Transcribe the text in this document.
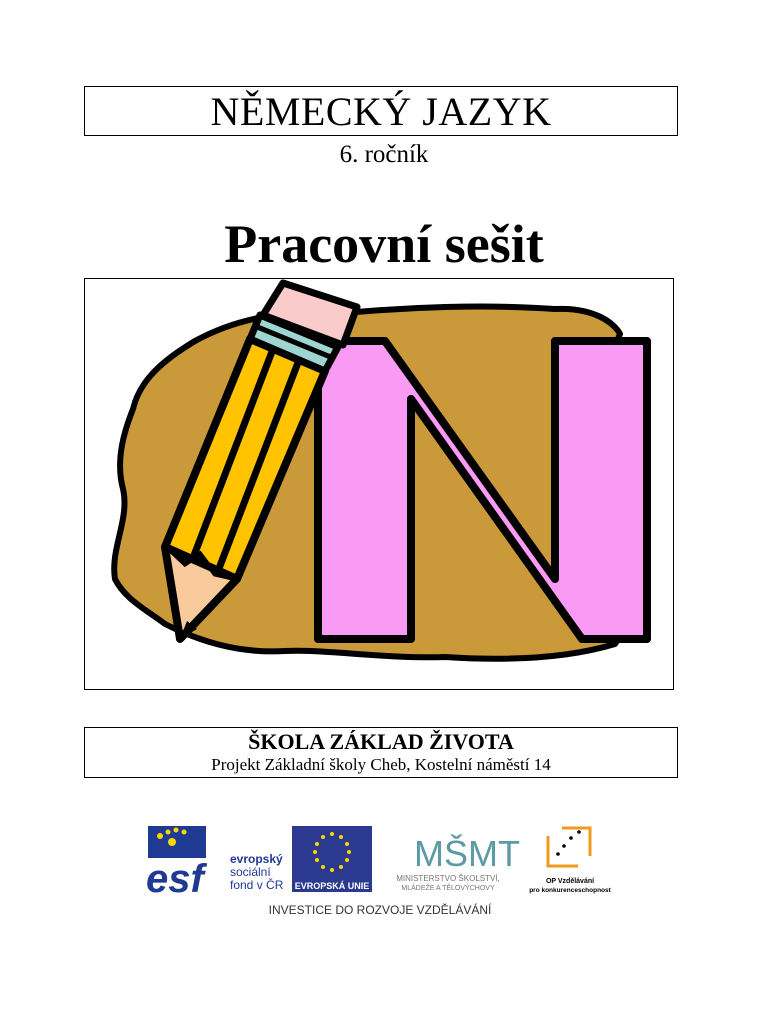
NĚMECKÝ JAZYK
6. ročník
Pracovní sešit
ŠKOLA ZÁKLAD ŽIVOTA
Projekt Základní školy Cheb, Kostelní náměstí 14
esf	evropský
sociální
fond v ČR EVROPSKÁ UNIE
MŠMT
MINISTERSTVO ŠKOLSTVÍ,
MLÁDEŽE A TĚLOVÝCHOVY
OP Vzdělávání
pro konkurenceschopnost
INVESTICE DO ROZVOJE VZDĚLÁVÁNÍ
